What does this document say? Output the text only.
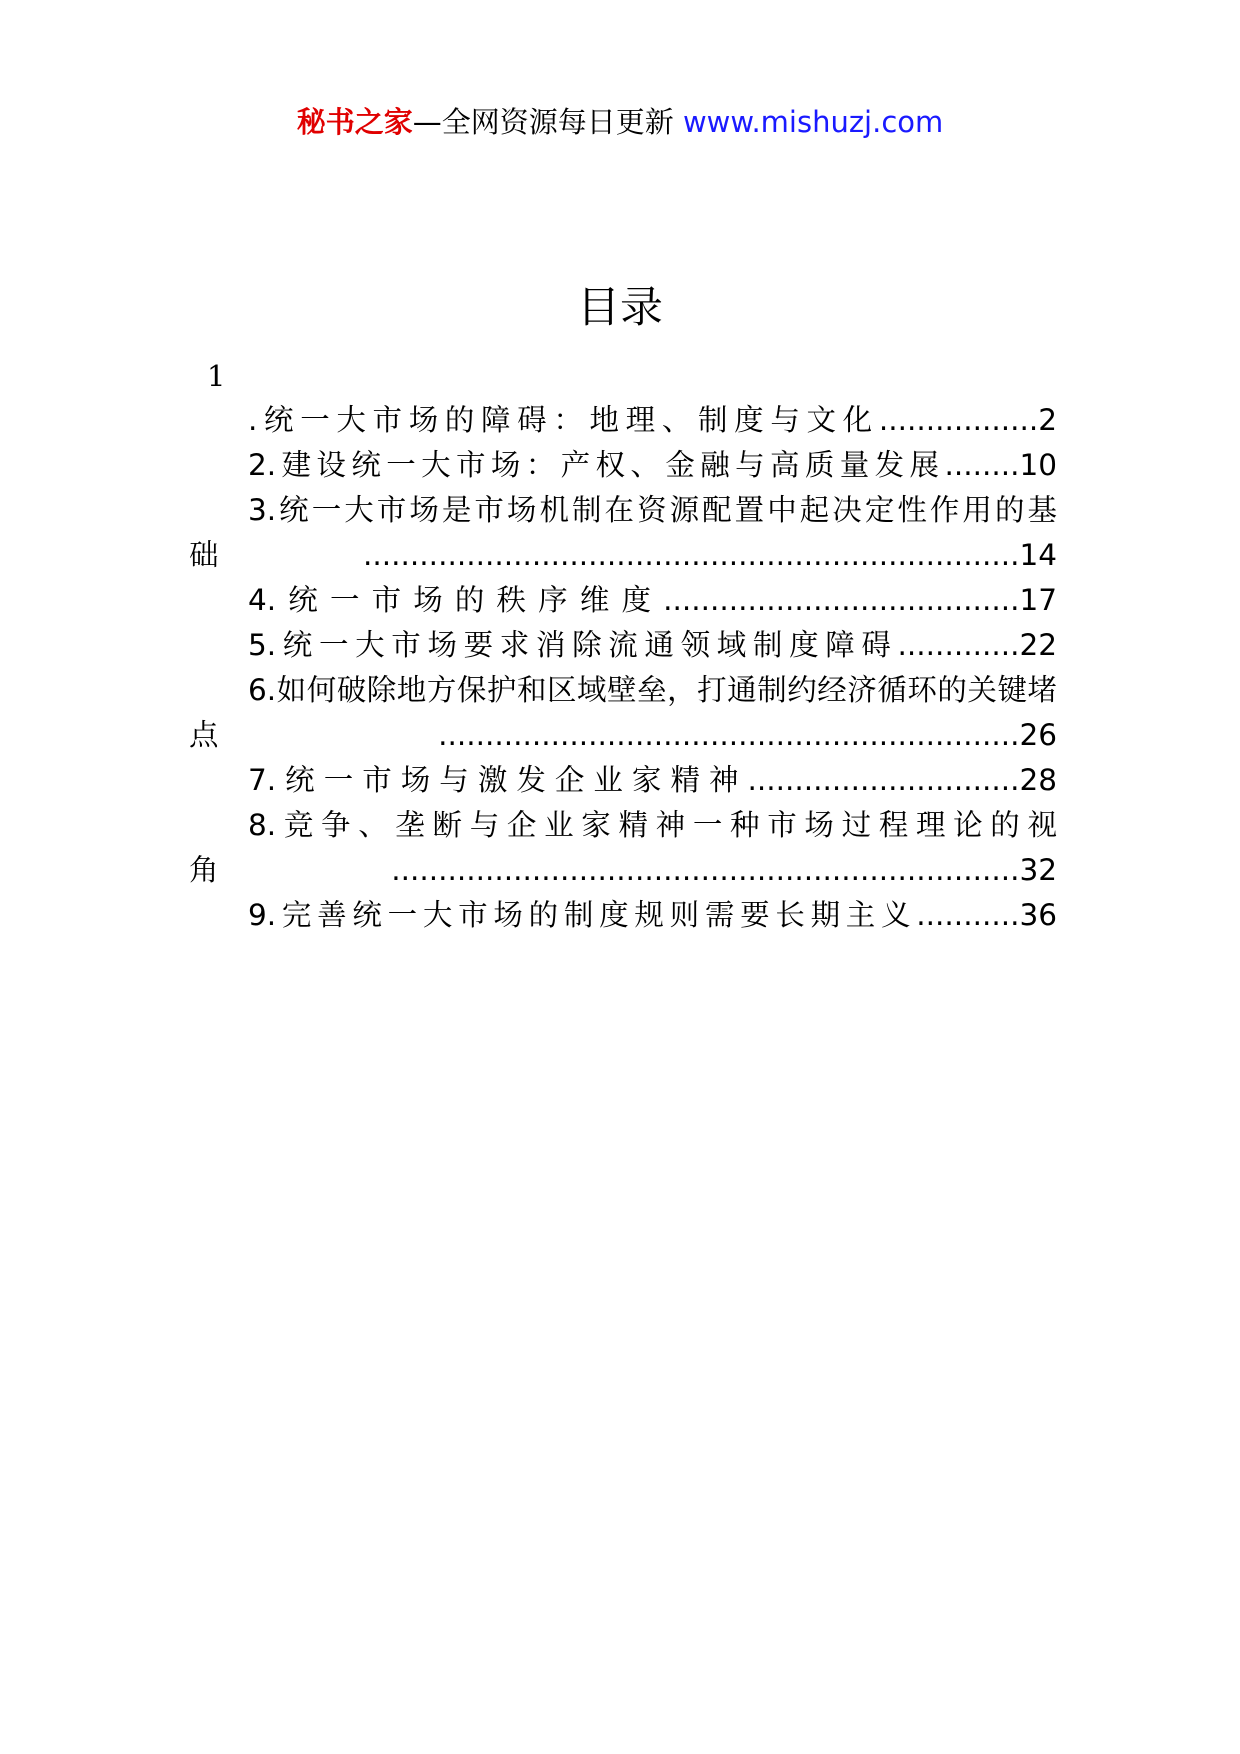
秘书之家—全网资源每日更新 www.mishuzj.com
目录
1
.统一大市场的障碍：地理、制度与文化.................2
2.建设统一大市场：产权、金融与高质量发展........10
3.统一大市场是市场机制在资源配置中起决定性作用的基础......................................................................14
4.统一市场的秩序维度......................................17
5.统一大市场要求消除流通领域制度障碍.............22
6.如何破除地方保护和区域壁垒，打通制约经济循环的关键堵点..............................................................26
7.统一市场与激发企业家精神.............................28
8.竞争、垄断与企业家精神一种市场过程理论的视角...................................................................32
9.完善统一大市场的制度规则需要长期主义...........36
